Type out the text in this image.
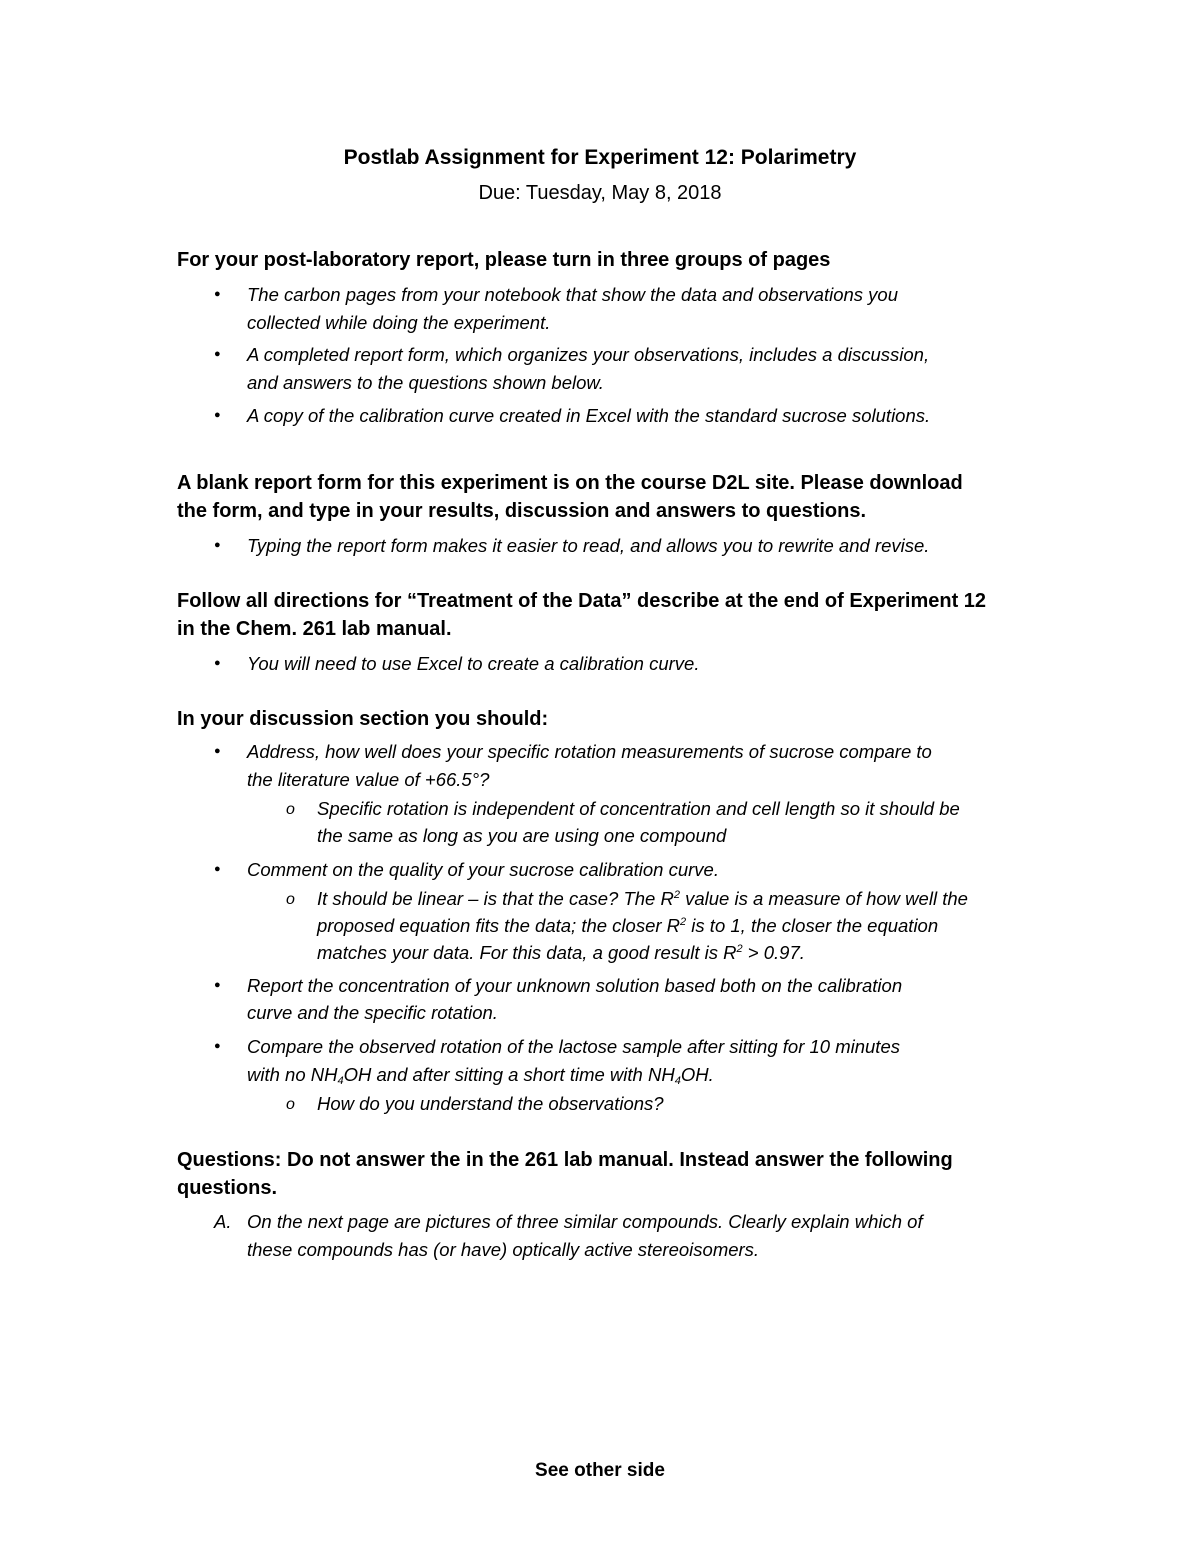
Postlab Assignment for Experiment 12: Polarimetry
Due: Tuesday, May 8, 2018
For your post-laboratory report, please turn in three groups of pages
● The carbon pages from your notebook that show the data and observations you
collected while doing the experiment.
● A completed report form, which organizes your observations, includes a discussion,
and answers to the questions shown below.
● A copy of the calibration curve created in Excel with the standard sucrose solutions.
A blank report form for this experiment is on the course D2L site. Please download
the form, and type in your results, discussion and answers to questions.
● Typing the report form makes it easier to read, and allows you to rewrite and revise.
Follow all directions for “Treatment of the Data” describe at the end of Experiment 12
in the Chem. 261 lab manual.
● You will need to use Excel to create a calibration curve.
In your discussion section you should:
● Address, how well does your specific rotation measurements of sucrose compare to
the literature value of +66.5°?
o Specific rotation is independent of concentration and cell length so it should be
the same as long as you are using one compound
● Comment on the quality of your sucrose calibration curve.
o It should be linear – is that the case? The $R^2$ value is a measure of how well the
proposed equation fits the data; the closer $R^2$ is to 1, the closer the equation
matches your data. For this data, a good result is $R^2 > 0.97$.
● Report the concentration of your unknown solution based both on the calibration
curve and the specific rotation.
● Compare the observed rotation of the lactose sample after sitting for 10 minutes
with no $NH_4OH$ and after sitting a short time with $NH_4OH$.
o How do you understand the observations?
Questions: Do not answer the in the 261 lab manual. Instead answer the following
questions.
A. On the next page are pictures of three similar compounds. Clearly explain which of
these compounds has (or have) optically active stereoisomers.
See other side
